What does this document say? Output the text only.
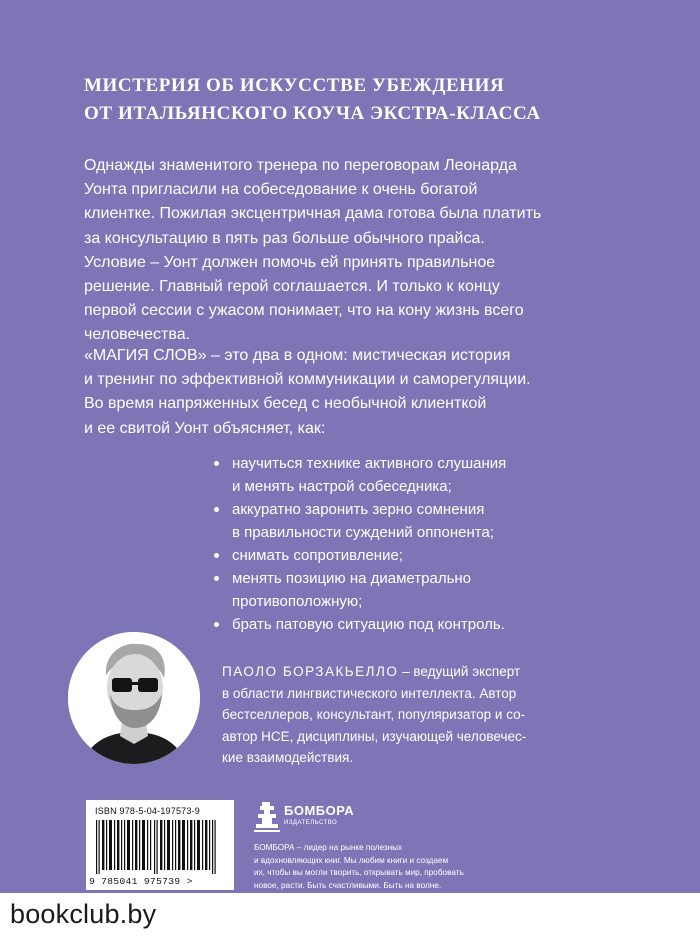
МИСТЕРИЯ ОБ ИСКУССТВЕ УБЕЖДЕНИЯ
ОТ ИТАЛЬЯНСКОГО КОУЧА ЭКСТРА-КЛАССА
Однажды знаменитого тренера по переговорам Леонарда
Уонта пригласили на собеседование к очень богатой
клиентке. Пожилая эксцентричная дама готова была платить
за консультацию в пять раз больше обычного прайса.
Условие – Уонт должен помочь ей принять правильное
решение. Главный герой соглашается. И только к концу
первой сессии с ужасом понимает, что на кону жизнь всего
человечества.
«МАГИЯ СЛОВ» – это два в одном: мистическая история
и тренинг по эффективной коммуникации и саморегуляции.
Во время напряженных бесед с необычной клиенткой
и ее свитой Уонт объясняет, как:
научиться технике активного слушания
и менять настрой собеседника;
аккуратно заронить зерно сомнения
в правильности суждений оппонента;
снимать сопротивление;
менять позицию на диаметрально
противоположную;
брать патовую ситуацию под контроль.
ПАОЛО БОРЗАКЬЕЛЛО – ведущий эксперт
в области лингвистического интеллекта. Автор
бестселлеров, консультант, популяризатор и со-
автор НСЕ, дисциплины, изучающей человечес-
кие взаимодействия.
ISBN 978-5-04-197573-9
9 785041 975739 >
БОМБОРА
ИЗДАТЕЛЬСТВО
БОМБОРА – лидер на рынке полезных
и вдохновляющих книг. Мы любим книги и создаем
их, чтобы вы могли творить, открывать мир, пробовать
новое, расти. Быть счастливыми. Быть на волне.
bookclub.by
